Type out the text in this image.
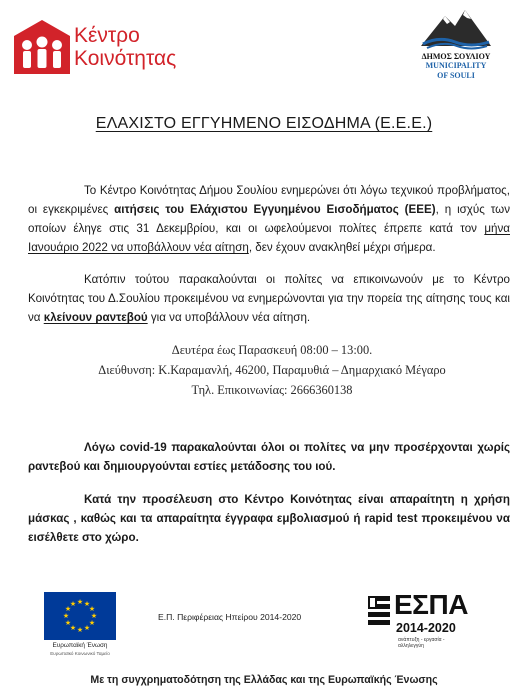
Κέντρο
Κοινότητας	ΔΗΜΟΣ ΣΟΥΛΙΟΥ
MUNICIPALITY
OF SOULI
ΕΛΑΧΙΣΤΟ ΕΓΓΥΗΜΕΝΟ ΕΙΣΟΔΗΜΑ (Ε.Ε.Ε.)

Το Κέντρο Κοινότητας Δήμου Σουλίου ενημερώνει ότι λόγω τεχνικού προβλήματος, οι εγκεκριμένες αιτήσεις του Ελάχιστου Εγγυημένου Εισοδήματος (ΕΕΕ), η ισχύς των οποίων έληγε στις 31 Δεκεμβρίου, και οι ωφελούμενοι πολίτες έπρεπε κατά τον μήνα Ιανουάριο 2022 να υποβάλλουν νέα αίτηση, δεν έχουν ανακληθεί μέχρι σήμερα.

Κατόπιν τούτου παρακαλούνται οι πολίτες να επικοινωνούν με το Κέντρο Κοινότητας του Δ.Σουλίου προκειμένου να ενημερώνονται για την πορεία της αίτησης τους και να κλείνουν ραντεβού για να υποβάλλουν νέα αίτηση.

Δευτέρα έως Παρασκευή 08:00 – 13:00.
Διεύθυνση: Κ.Καραμανλή, 46200, Παραμυθιά – Δημαρχιακό Μέγαρο
Τηλ. Επικοινωνίας: 2666360138

Λόγω covid-19 παρακαλούνται όλοι οι πολίτες να μην προσέρχονται χωρίς ραντεβού και δημιουργούνται εστίες μετάδοσης του ιού.

Κατά την προσέλευση στο Κέντρο Κοινότητας είναι απαραίτητη η χρήση μάσκας , καθώς και τα απαραίτητα έγγραφα εμβολιασμού ή rapid test προκειμένου να εισέλθετε στο χώρο.

★ ★
★
★
★
★
★
★
★
★
★
★
Ευρωπαϊκή Ένωση
Ευρωπαϊκό Κοινωνικό Ταμείο
Ε.Π. Περιφέρειας Ηπείρου 2014-2020	ΕΣΠΑ
2014-2020
ανάπτυξη - εργασία - αλληλεγγύη
Με τη συγχρηματοδότηση της Ελλάδας και της Ευρωπαϊκής Ένωσης
